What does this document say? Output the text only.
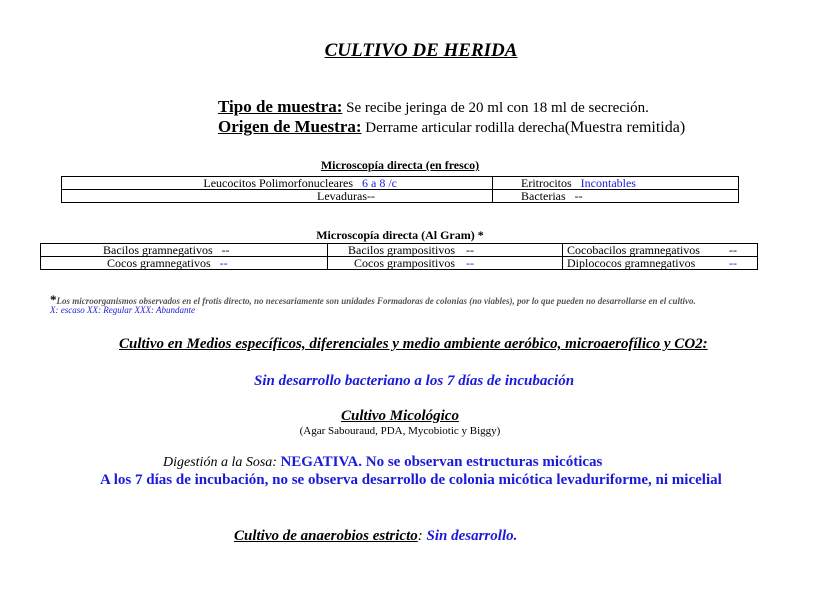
CULTIVO DE HERIDA
Tipo de muestra: Se recibe jeringa de 20 ml con 18 ml de secreción.
Origen de Muestra: Derrame articular rodilla derecha(Muestra remitida)
Microscopía directa (en fresco)
Leucocitos Polimorfonucleares 6 a 8 /c	Eritrocitos Incontables
Levaduras --	Bacterias --
Microscopía directa (Al Gram) *
Bacilos gramnegativos --	Bacilos grampositivos --	Cocobacilos gramnegativos --

Cocos gramnegativos --	Cocos grampositivos --	Diplococos gramnegativos --
*Los microorganismos observados en el frotis directo, no necesariamente son unidades Formadoras de colonias (no viables), por lo que pueden no desarrollarse en el cultivo.
X: escaso XX: Regular XXX: Abundante
Cultivo en Medios específicos, diferenciales y medio ambiente aeróbico, microaerofílico y CO2:
Sin desarrollo bacteriano a los 7 días de incubación
Cultivo Micológico
(Agar Sabouraud, PDA, Mycobiotic y Biggy)
Digestión a la Sosa: NEGATIVA. No se observan estructuras micóticas
A los 7 días de incubación, no se observa desarrollo de colonia micótica levaduriforme, ni micelial
Cultivo de anaerobios estricto: Sin desarrollo.
